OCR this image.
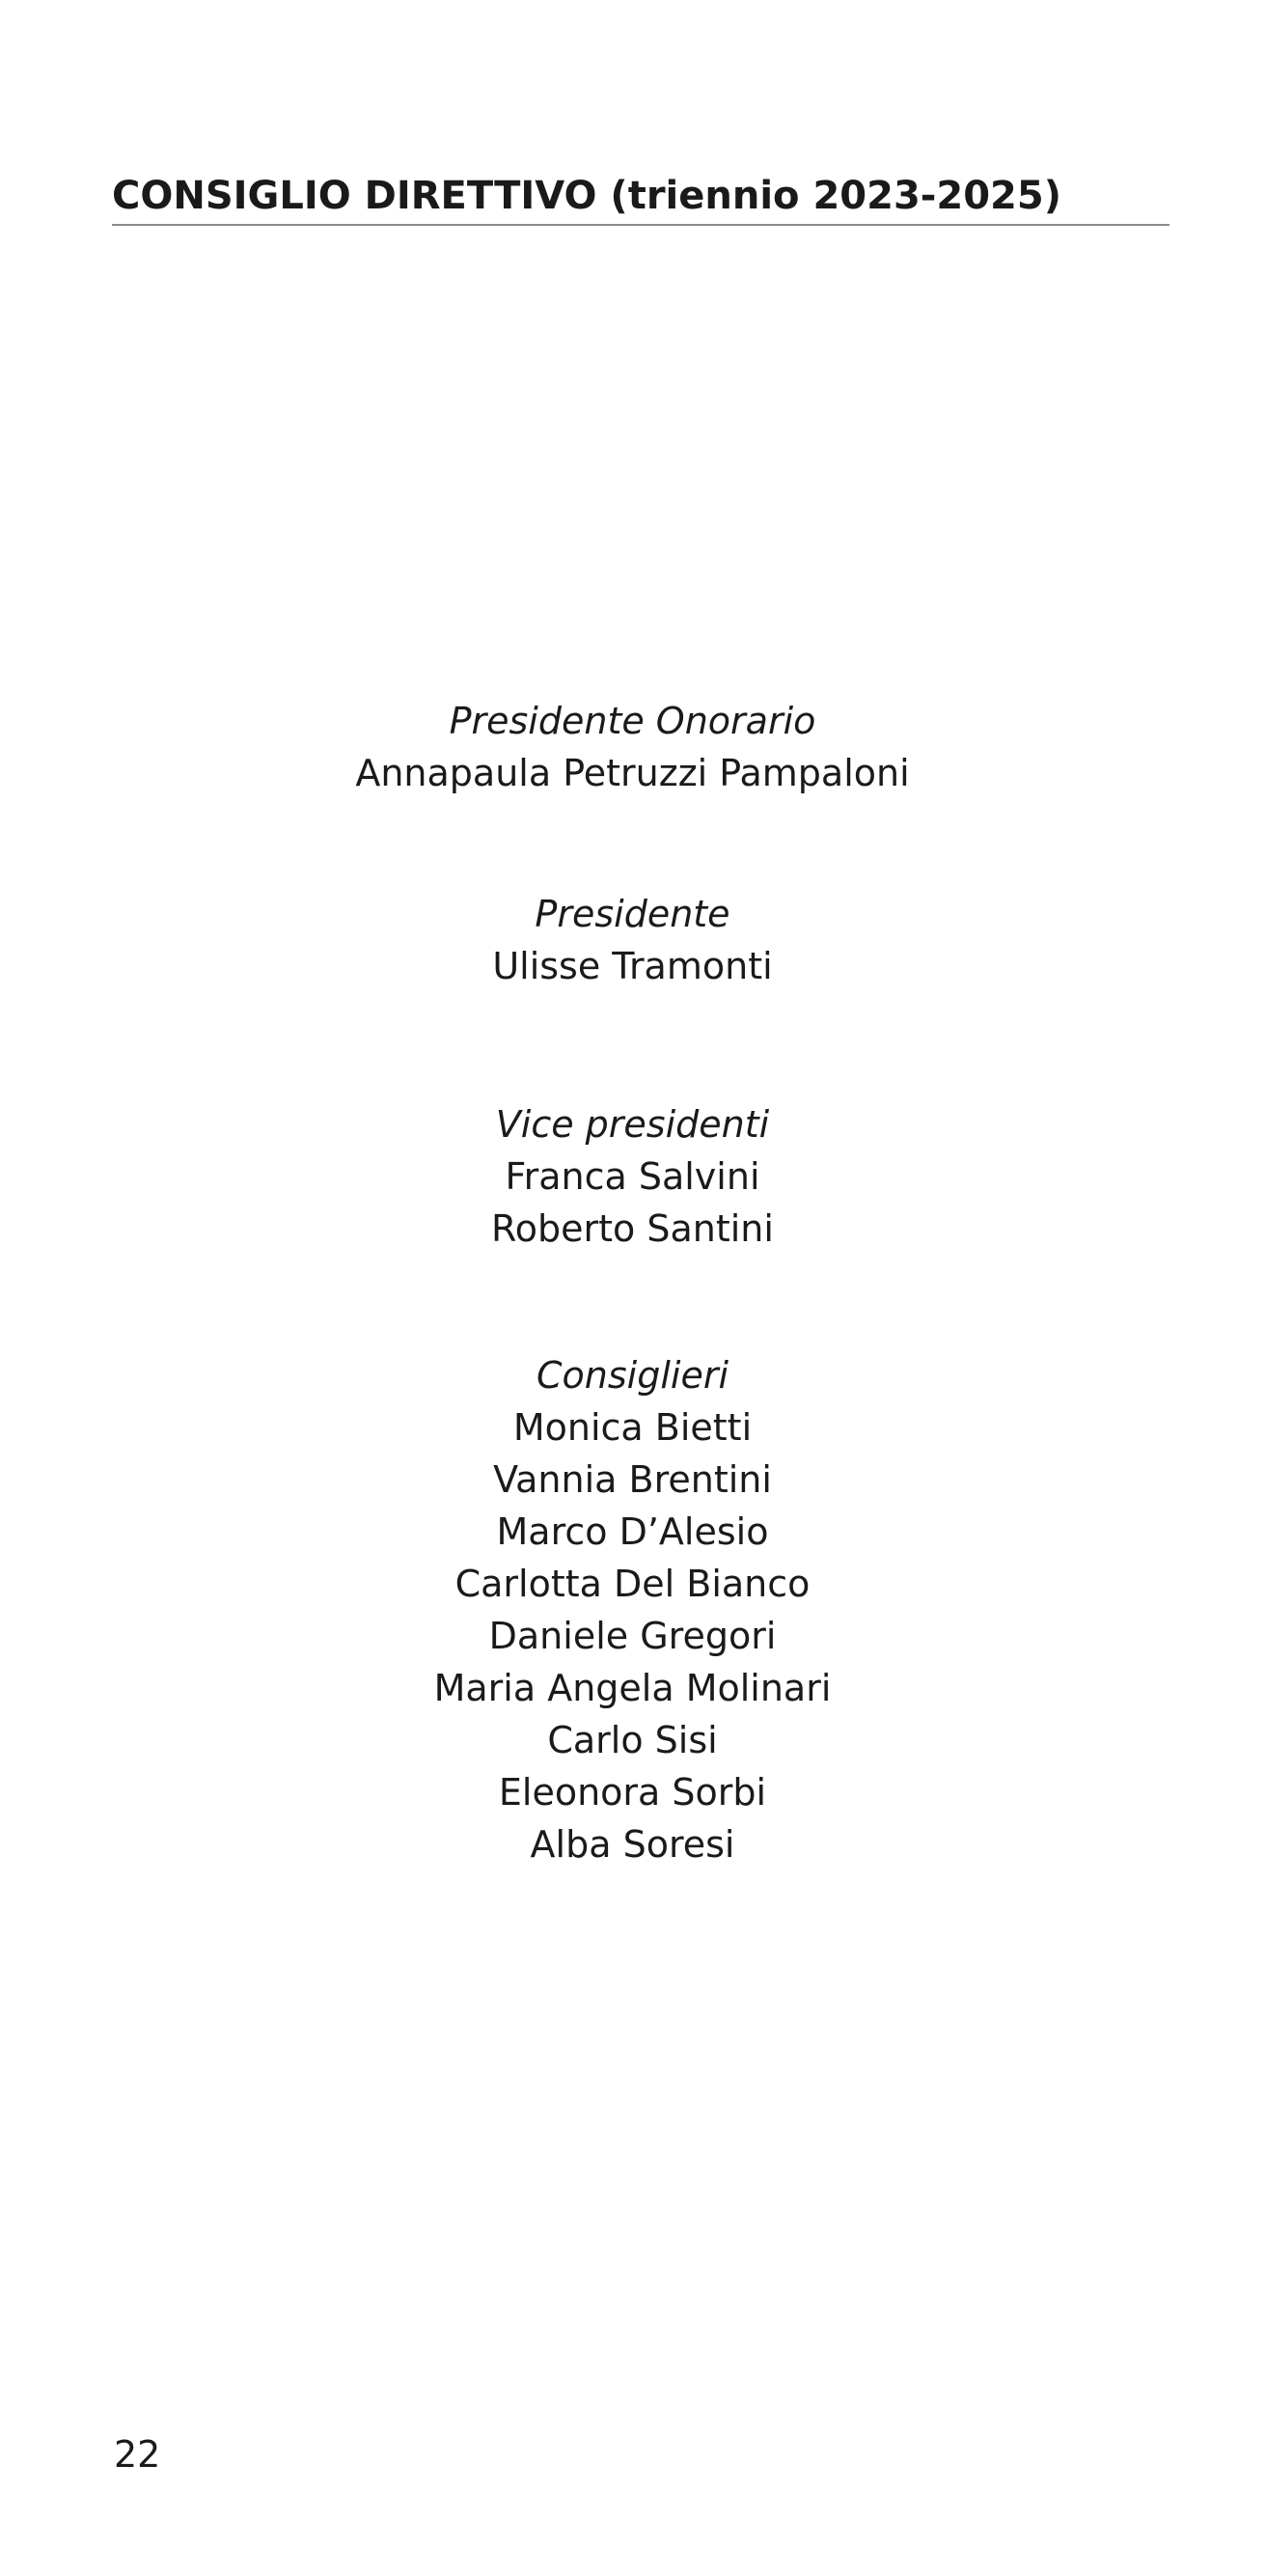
CONSIGLIO DIRETTIVO (triennio 2023-2025)
Presidente Onorario
Annapaula Petruzzi Pampaloni
Presidente
Ulisse Tramonti
Vice presidenti
Franca Salvini
Roberto Santini
Consiglieri
Monica Bietti
Vannia Brentini
Marco D’Alesio
Carlotta Del Bianco
Daniele Gregori
Maria Angela Molinari
Carlo Sisi
Eleonora Sorbi
Alba Soresi
22
